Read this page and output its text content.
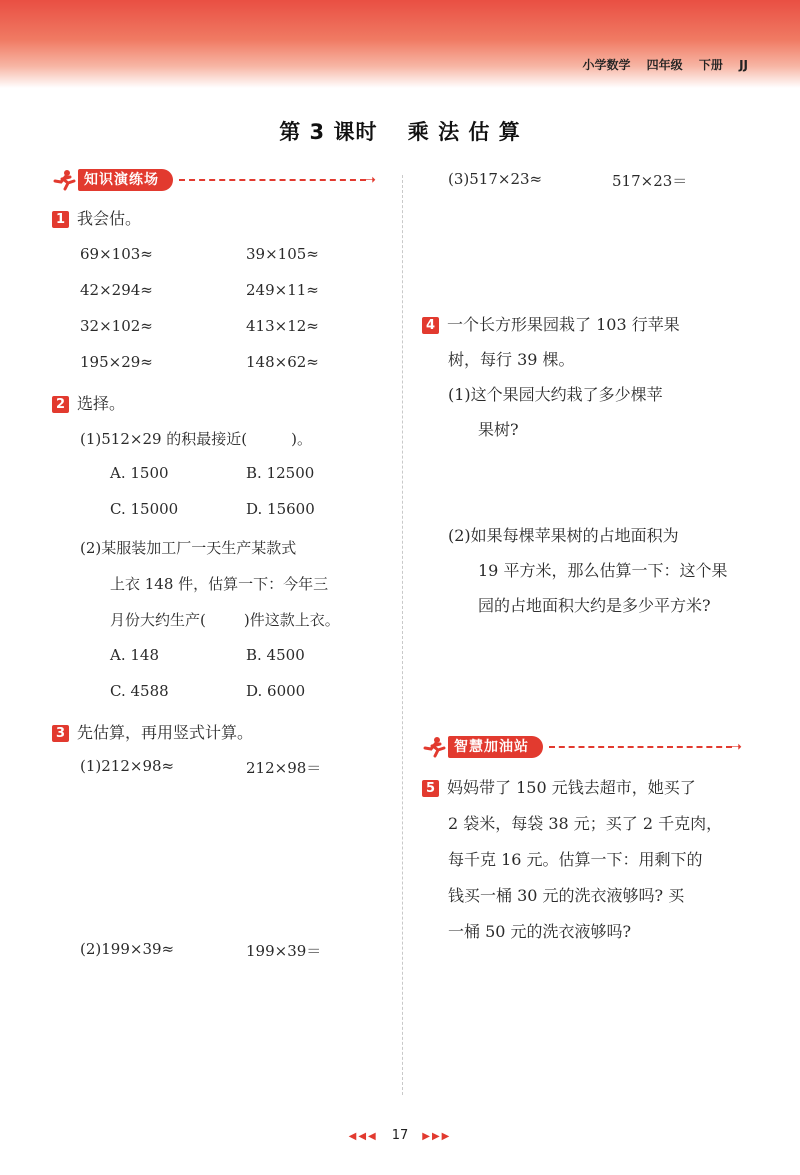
小学数学 四年级 下册 JJ
第 3 课时 乘 法 估 算
知识演练场	➝
1 我会估。
69×103≈	39×105≈
42×294≈	249×11≈
32×102≈	413×12≈
195×29≈	148×62≈
2 选择。
(1)512×29 的积最接近(	)。
A. 1500	B. 12500
C. 15000	D. 15600
(2)某服装加工厂一天生产某款式
上衣 148 件，估算一下：今年三
月份大约生产(	)件这款上衣。
A. 148	B. 4500
C. 4588	D. 6000
3 先估算，再用竖式计算。
(1)212×98≈	212×98＝
(2)199×39≈	199×39＝
(3)517×23≈	517×23＝
4 一个长方形果园栽了 103 行苹果
树，每行 39 棵。
(1)这个果园大约栽了多少棵苹
果树?
(2)如果每棵苹果树的占地面积为
19 平方米，那么估算一下：这个果
园的占地面积大约是多少平方米?
智慧加油站	➝
5 妈妈带了 150 元钱去超市，她买了
2 袋米，每袋 38 元；买了 2 千克肉，
每千克 16 元。估算一下：用剩下的
钱买一桶 30 元的洗衣液够吗? 买
一桶 50 元的洗衣液够吗?
◀◀◀ 17 ▶▶▶
